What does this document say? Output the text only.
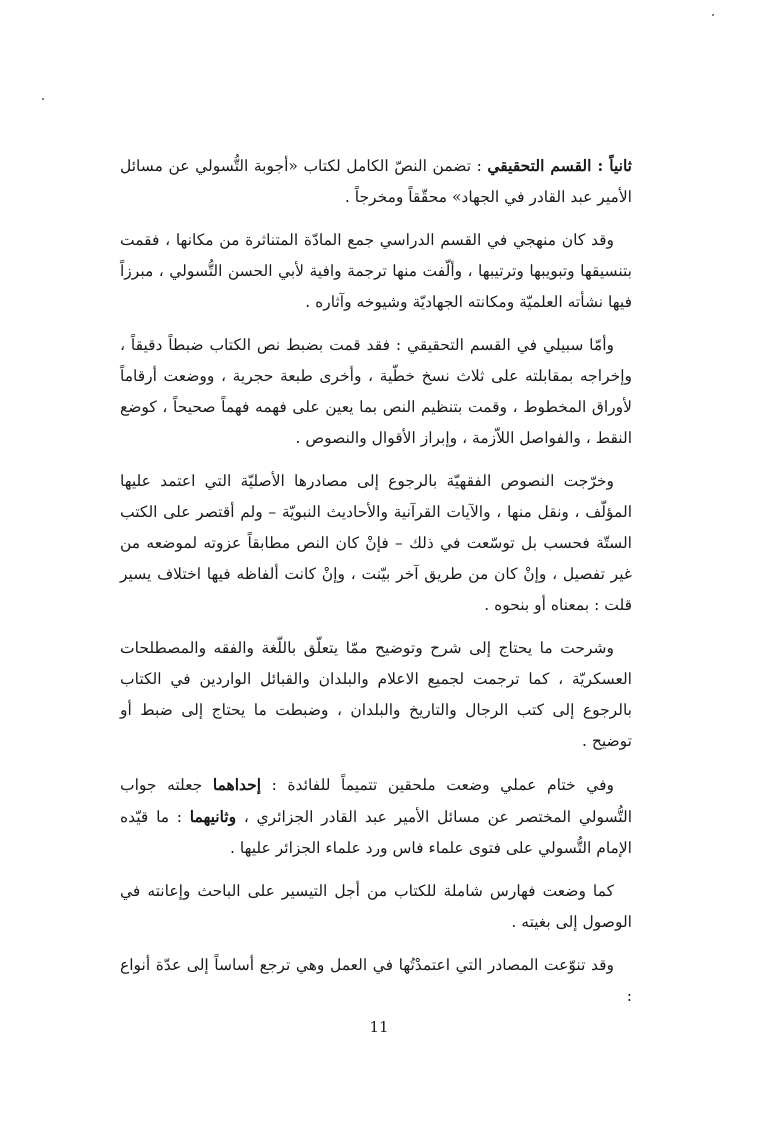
ثانياً : القسم التحقيقي : تضمن النصّ الكامل لكتاب «أجوبة التُّسولي عن مسائل الأمير عبد القادر في الجهاد» محقّقاً ومخرجاً .

وقد كان منهجي في القسم الدراسي جمع المادّة المتناثرة من مكانها ، فقمت بتنسيقها وتبويبها وترتيبها ، وألّفت منها ترجمة وافية لأبي الحسن التُّسولي ، مبرزاً فيها نشأته العلميّة ومكانته الجهاديّة وشيوخه وآثاره .

وأمّا سبيلي في القسم التحقيقي : فقد قمت بضبط نص الكتاب ضبطاً دقيقاً ، وإخراجه بمقابلته على ثلاث نسخ خطّية ، وأخرى طبعة حجرية ، ووضعت أرقاماً لأوراق المخطوط ، وقمت بتنظيم النص بما يعين على فهمه فهماً صحيحاً ، كوضع النقط ، والفواصل اللاّزمة ، وإبراز الأقوال والنصوص .

وخرّجت النصوص الفقهيّة بالرجوع إلى مصادرها الأصليّة التي اعتمد عليها المؤلّف ، ونقل منها ، والآيات القرآنية والأحاديث النبويّة – ولم أقتصر على الكتب الستّة فحسب بل توسّعت في ذلك – فإنْ كان النص مطابقاً عزوته لموضعه من غير تفصيل ، وإنْ كان من طريق آخر بيّنت ، وإنْ كانت ألفاظه فيها اختلاف يسير قلت : بمعناه أو بنحوه .

وشرحت ما يحتاج إلى شرح وتوضيح ممّا يتعلّق باللّغة والفقه والمصطلحات العسكريّة ، كما ترجمت لجميع الاعلام والبلدان والقبائل الواردين في الكتاب بالرجوع إلى كتب الرجال والتاريخ والبلدان ، وضبطت ما يحتاج إلى ضبط أو توضيح .

وفي ختام عملي وضعت ملحقين تتميماً للفائدة : إحداهما جعلته جواب التُّسولي المختصر عن مسائل الأمير عبد القادر الجزائري ، وثانيهما : ما قيّده الإمام التُّسولي على فتوى علماء فاس ورد علماء الجزائر عليها .

كما وضعت فهارس شاملة للكتاب من أجل التيسير على الباحث وإعانته في الوصول إلى بغيته .

وقد تنوّعت المصادر التي اعتمدْتُها في العمل وهي ترجع أساساً إلى عدّة أنواع :

11
